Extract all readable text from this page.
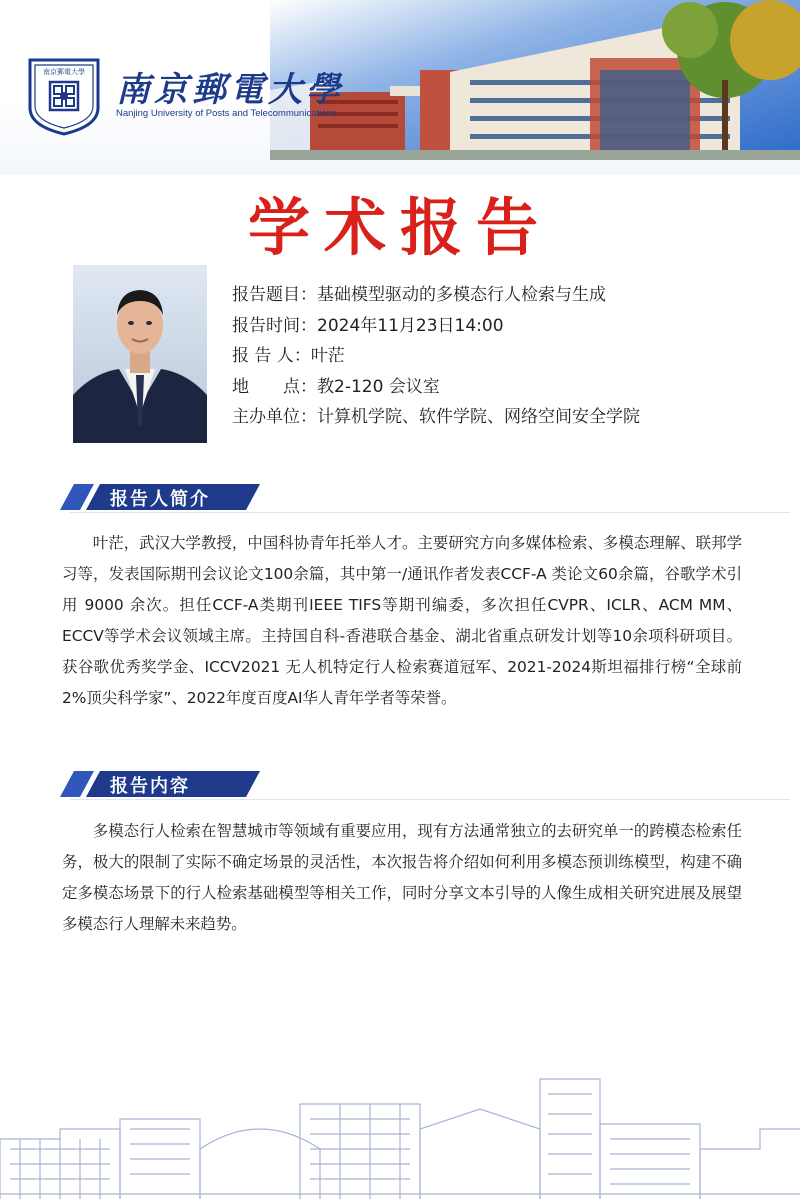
南京郵電大學 南京郵電大學
Nanjing University of Posts and Telecommunications
学术报告
报告题目 ： 基础模型驱动的多模态行人检索与生成
报告时间 ： 2024年11月23日14:00
报 告 人 ： 叶茫
地　　点 ： 教2-120 会议室
主办单位 ： 计算机学院、软件学院、网络空间安全学院
报告人简介
叶茫，武汉大学教授，中国科协青年托举人才。主要研究方向多媒体检索、多模态理解、联邦学习等，发表国际期刊会议论文100余篇，其中第一/通讯作者发表CCF-A 类论文60余篇，谷歌学术引用 9000 余次。担任CCF-A类期刊IEEE TIFS等期刊编委，多次担任CVPR、ICLR、ACM MM、ECCV等学术会议领域主席。主持国自科-香港联合基金、湖北省重点研发计划等10余项科研项目。获谷歌优秀奖学金、ICCV2021 无人机特定行人检索赛道冠军、2021-2024斯坦福排行榜“全球前2%顶尖科学家”、2022年度百度AI华人青年学者等荣誉。
报告内容
多模态行人检索在智慧城市等领域有重要应用，现有方法通常独立的去研究单一的跨模态检索任务，极大的限制了实际不确定场景的灵活性，本次报告将介绍如何利用多模态预训练模型，构建不确定多模态场景下的行人检索基础模型等相关工作，同时分享文本引导的人像生成相关研究进展及展望多模态行人理解未来趋势。
